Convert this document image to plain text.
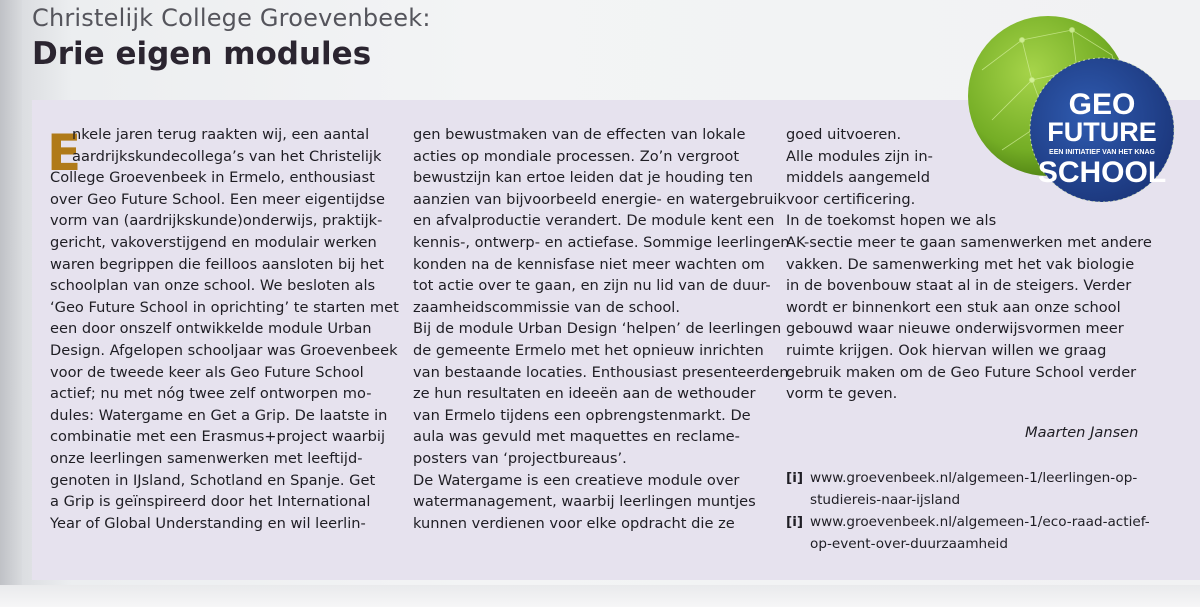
Christelijk College Groevenbeek:
Drie eigen modules
GEO
FUTURE
EEN INITIATIEF VAN HET KNAG
SCHOOL
E
nkele jaren terug raakten wij, een aantal
aardrijkskundecollega’s van het Christelijk
College Groevenbeek in Ermelo, enthousiast
over Geo Future School. Een meer eigentijdse
vorm van (aardrijkskunde)onderwijs, praktijk-
gericht, vakoverstijgend en modulair werken
waren begrippen die feilloos aansloten bij het
schoolplan van onze school. We besloten als
‘Geo Future School in oprichting’ te starten met
een door onszelf ontwikkelde module Urban
Design. Afgelopen schooljaar was Groevenbeek
voor de tweede keer als Geo Future School
actief; nu met nóg twee zelf ontworpen mo-
dules: Watergame en Get a Grip. De laatste in
combinatie met een Erasmus+project waarbij
onze leerlingen samenwerken met leeftijd-
genoten in IJsland, Schotland en Spanje. Get
a Grip is geïnspireerd door het International
Year of Global Understanding en wil leerlin-
gen bewustmaken van de effecten van lokale
acties op mondiale processen. Zo’n vergroot
bewustzijn kan ertoe leiden dat je houding ten
aanzien van bijvoorbeeld energie- en watergebruik
en afvalproductie verandert. De module kent een
kennis-, ontwerp- en actiefase. Sommige leerlingen
konden na de kennisfase niet meer wachten om
tot actie over te gaan, en zijn nu lid van de duur-
zaamheidscommissie van de school.
Bij de module Urban Design ‘helpen’ de leerlingen
de gemeente Ermelo met het opnieuw inrichten
van bestaande locaties. Enthousiast presenteerden
ze hun resultaten en ideeën aan de wethouder
van Ermelo tijdens een opbrengstenmarkt. De
aula was gevuld met maquettes en reclame-
posters van ‘projectbureaus’.
De Watergame is een creatieve module over
watermanagement, waarbij leerlingen muntjes
kunnen verdienen voor elke opdracht die ze
goed uitvoeren.
Alle modules zijn in-
middels aangemeld
voor certificering.
In de toekomst hopen we als
AK-sectie meer te gaan samenwerken met andere
vakken. De samenwerking met het vak biologie
in de bovenbouw staat al in de steigers. Verder
wordt er binnenkort een stuk aan onze school
gebouwd waar nieuwe onderwijsvormen meer
ruimte krijgen. Ook hiervan willen we graag
gebruik maken om de Geo Future School verder
vorm te geven.
Maarten Jansen
[i] www.groevenbeek.nl/algemeen-1/leerlingen-op-
studiereis-naar-ijsland
[i] www.groevenbeek.nl/algemeen-1/eco-raad-actief-
op-event-over-duurzaamheid
